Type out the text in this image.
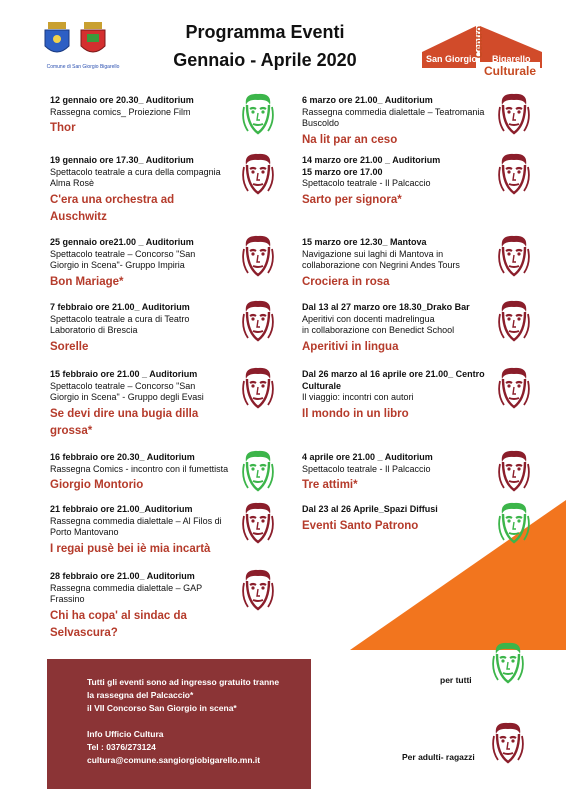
Comune di San Giorgio Bigarello
Programma Eventi
Gennaio - Aprile 2020	San Giorgio Bigarello
Centro
Culturale
12 gennaio ore 20.30_ Auditorium
Rassegna comics_ Proiezione Film
Thor
19 gennaio ore 17.30_ Auditorium
Spettacolo teatrale a cura della compagnia
Alma Rosè
C'era una orchestra ad
Auschwitz
25 gennaio ore21.00 _ Auditorium
Spettacolo teatrale – Concorso "San
Giorgio in Scena"- Gruppo Impiria
Bon Mariage*
7 febbraio ore 21.00_ Auditorium
Spettacolo teatrale a cura di Teatro
Laboratorio di Brescia
Sorelle
15 febbraio ore 21.00 _ Auditorium
Spettacolo teatrale – Concorso "San
Giorgio in Scena" - Gruppo degli Evasi
Se devi dire una bugia dilla
grossa*
16 febbraio ore 20.30_ Auditorium
Rassegna Comics - incontro con il fumettista
Giorgio Montorio
21 febbraio ore 21.00_Auditorium
Rassegna commedia dialettale – Al Filos di
Porto Mantovano
I regai pusè bei iè mia incartà
28 febbraio ore 21.00_ Auditorium
Rassegna commedia dialettale – GAP
Frassino
Chi ha copa' al sindac da
Selvascura?
6 marzo ore 21.00_ Auditorium
Rassegna commedia dialettale – Teatromania
Buscoldo
Na lit par an ceso
14 marzo ore 21.00 _ Auditorium
15 marzo ore 17.00
Spettacolo teatrale - Il Palcaccio
Sarto per signora*
15 marzo ore 12.30_ Mantova
Navigazione sui laghi di Mantova in
collaborazione con Negrini Andes Tours
Crociera in rosa
Dal 13 al 27 marzo ore 18.30_Drako Bar
Aperitivi con docenti madrelingua
in collaborazione con Benedict School
Aperitivi in lingua
Dal 26 marzo al 16 aprile ore 21.00_ Centro
Culturale
Il viaggio: incontri con autori
Il mondo in un libro
4 aprile ore 21.00 _ Auditorium
Spettacolo teatrale - Il Palcaccio
Tre attimi*
Dal 23 al 26 Aprile_Spazi Diffusi
Eventi Santo Patrono
Tutti gli eventi sono ad ingresso gratuito tranne
la rassegna del Palcaccio*
il VII Concorso San Giorgio in scena*
Info Ufficio Cultura
Tel : 0376/273124
cultura@comune.sangiorgiobigarello.mn.it
per tutti
Per adulti- ragazzi
